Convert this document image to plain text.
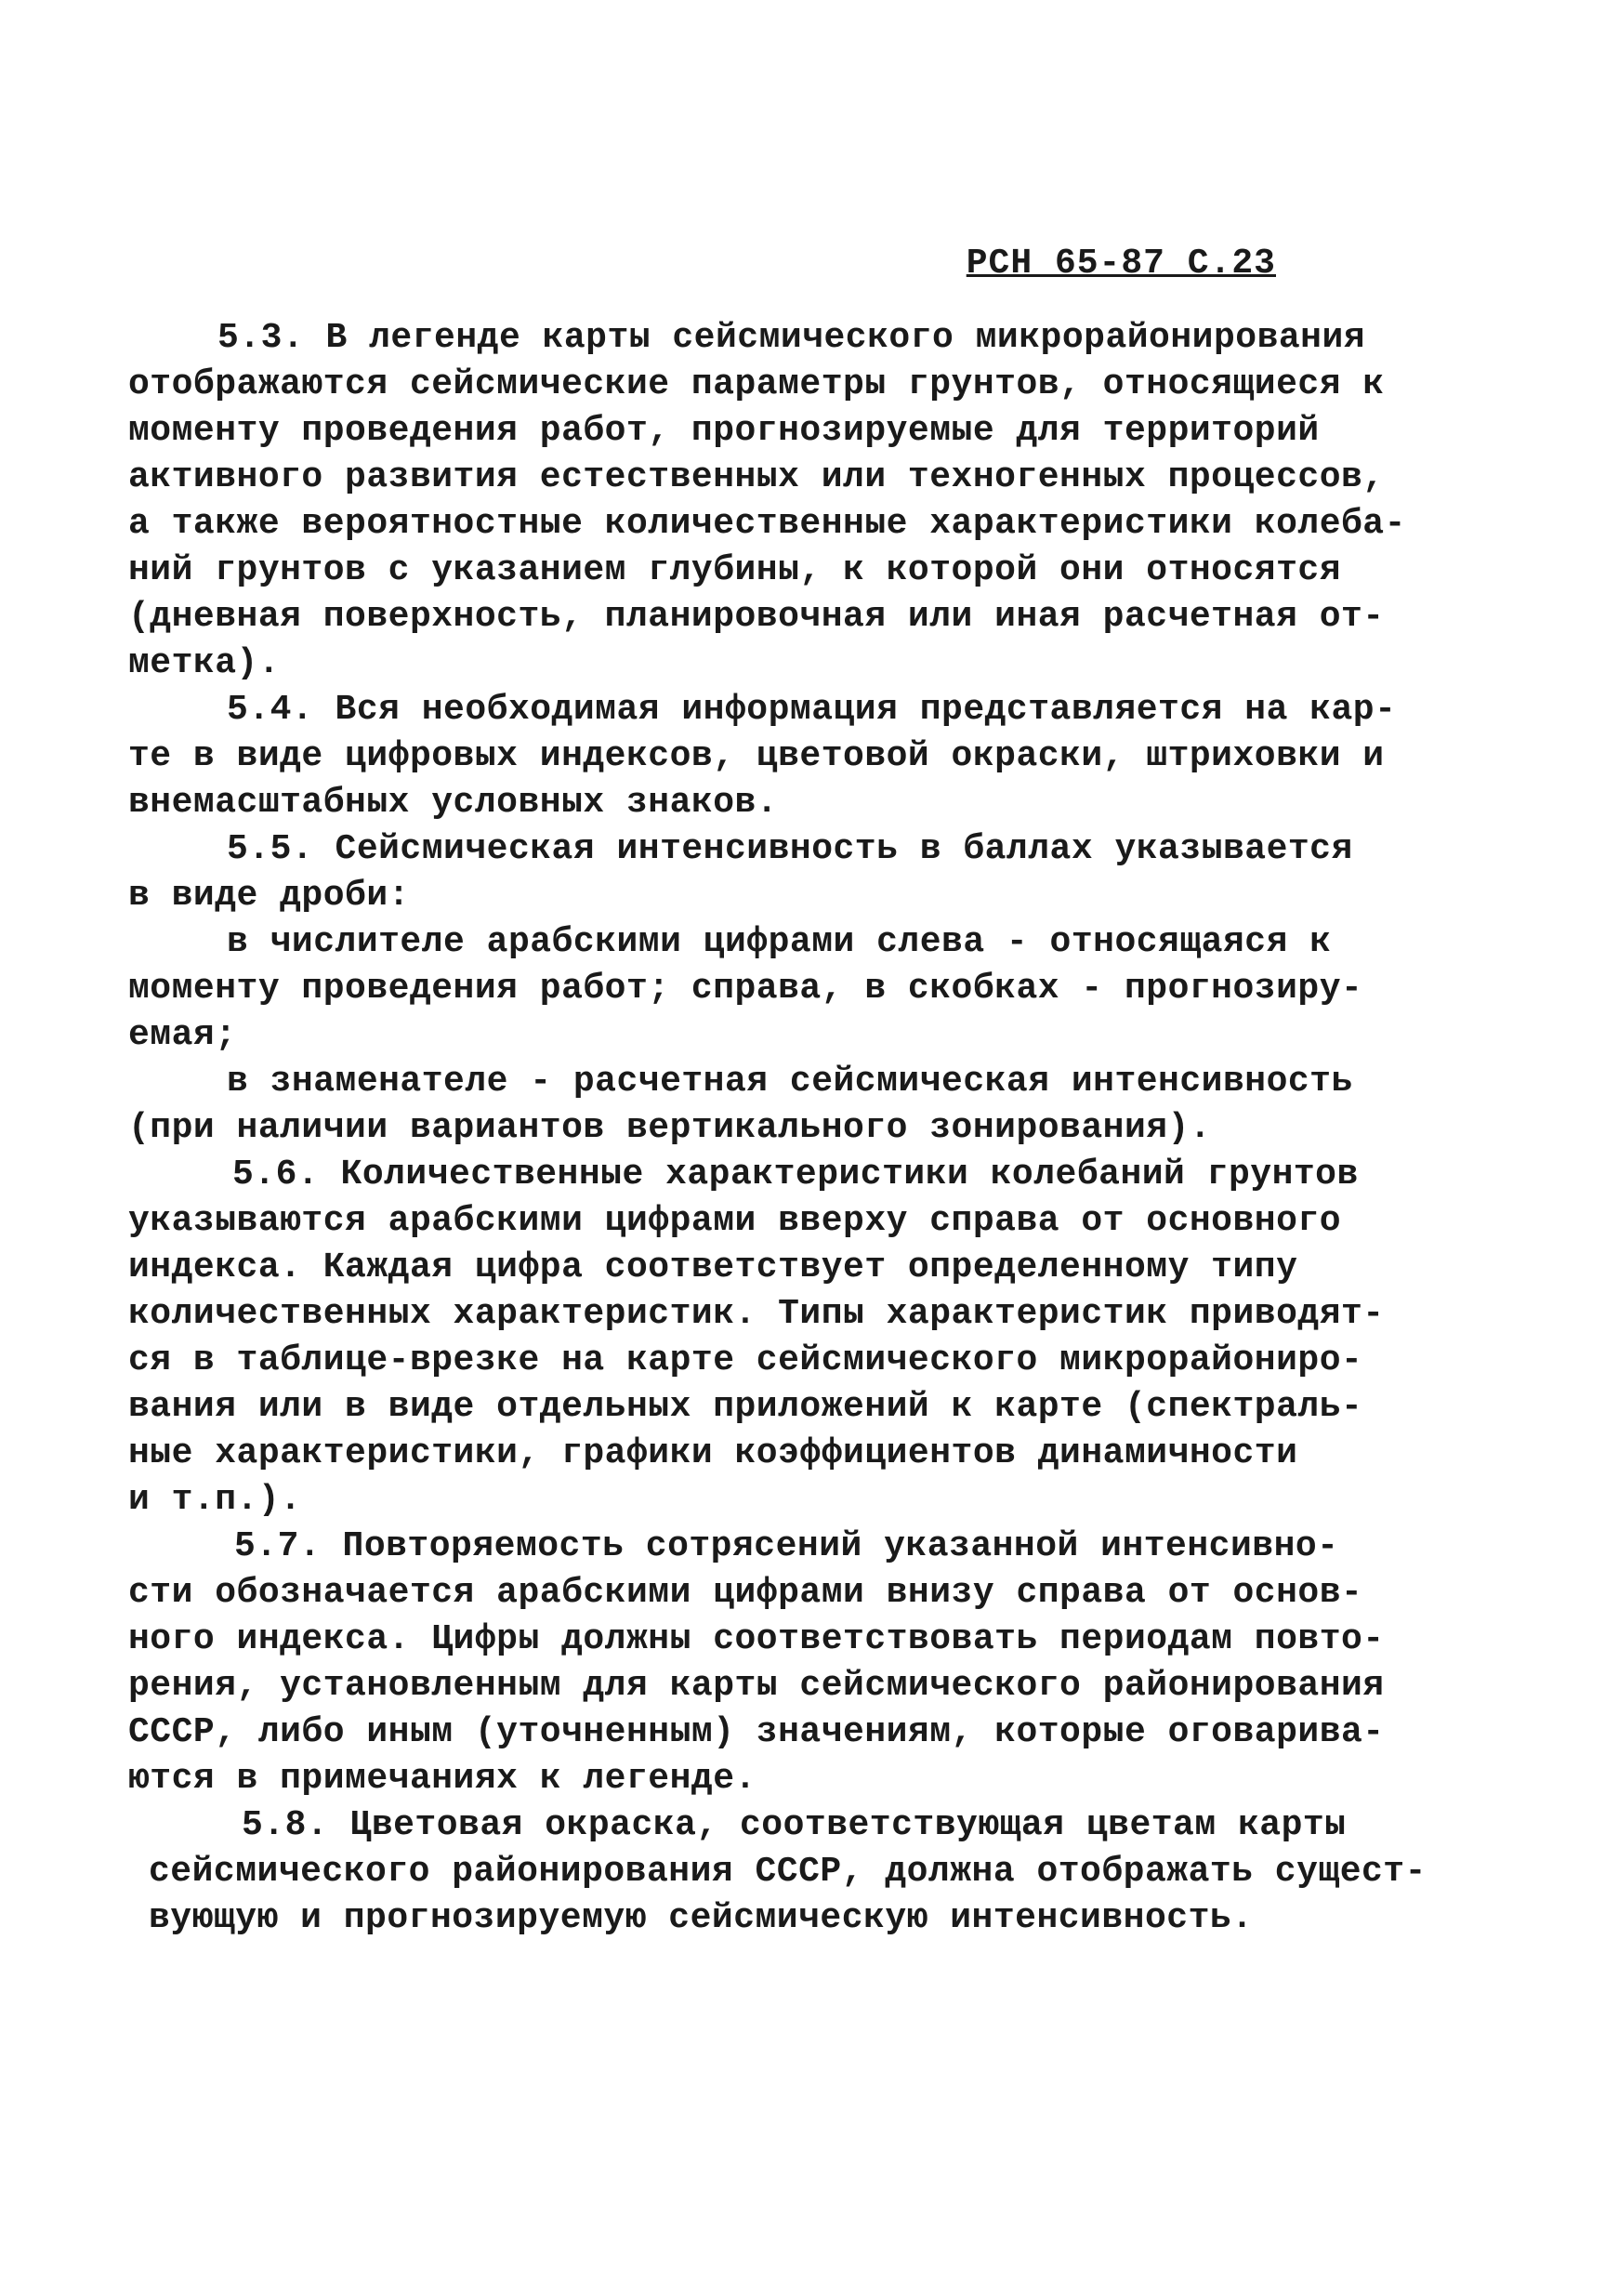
РСН 65-87 С.23
5.3. В легенде карты сейсмического микрорайонирования
отображаются сейсмические параметры грунтов, относящиеся к
моменту проведения работ, прогнозируемые для территорий
активного развития естественных или техногенных процессов,
а также вероятностные количественные характеристики колеба-
ний грунтов с указанием глубины, к которой они относятся
(дневная поверхность, планировочная или иная расчетная от-
метка).
5.4. Вся необходимая информация представляется на кар-
те в виде цифровых индексов, цветовой окраски, штриховки и
внемасштабных условных знаков.
5.5. Сейсмическая интенсивность в баллах указывается
в виде дроби:
в числителе арабскими цифрами слева - относящаяся к
моменту проведения работ; справа, в скобках - прогнозиру-
емая;
в знаменателе - расчетная сейсмическая интенсивность
(при наличии вариантов вертикального зонирования).
5.6. Количественные характеристики колебаний грунтов
указываются арабскими цифрами вверху справа от основного
индекса. Каждая цифра соответствует определенному типу
количественных характеристик. Типы характеристик приводят-
ся в таблице-врезке на карте сейсмического микрорайониро-
вания или в виде отдельных приложений к карте (спектраль-
ные характеристики, графики коэффициентов динамичности
и т.п.).
5.7. Повторяемость сотрясений указанной интенсивно-
сти обозначается арабскими цифрами внизу справа от основ-
ного индекса. Цифры должны соответствовать периодам повто-
рения, установленным для карты сейсмического районирования
СССР, либо иным (уточненным) значениям, которые оговарива-
ются в примечаниях к легенде.
5.8. Цветовая окраска, соответствующая цветам карты
сейсмического районирования СССР, должна отображать сущест-
вующую и прогнозируемую сейсмическую интенсивность.
